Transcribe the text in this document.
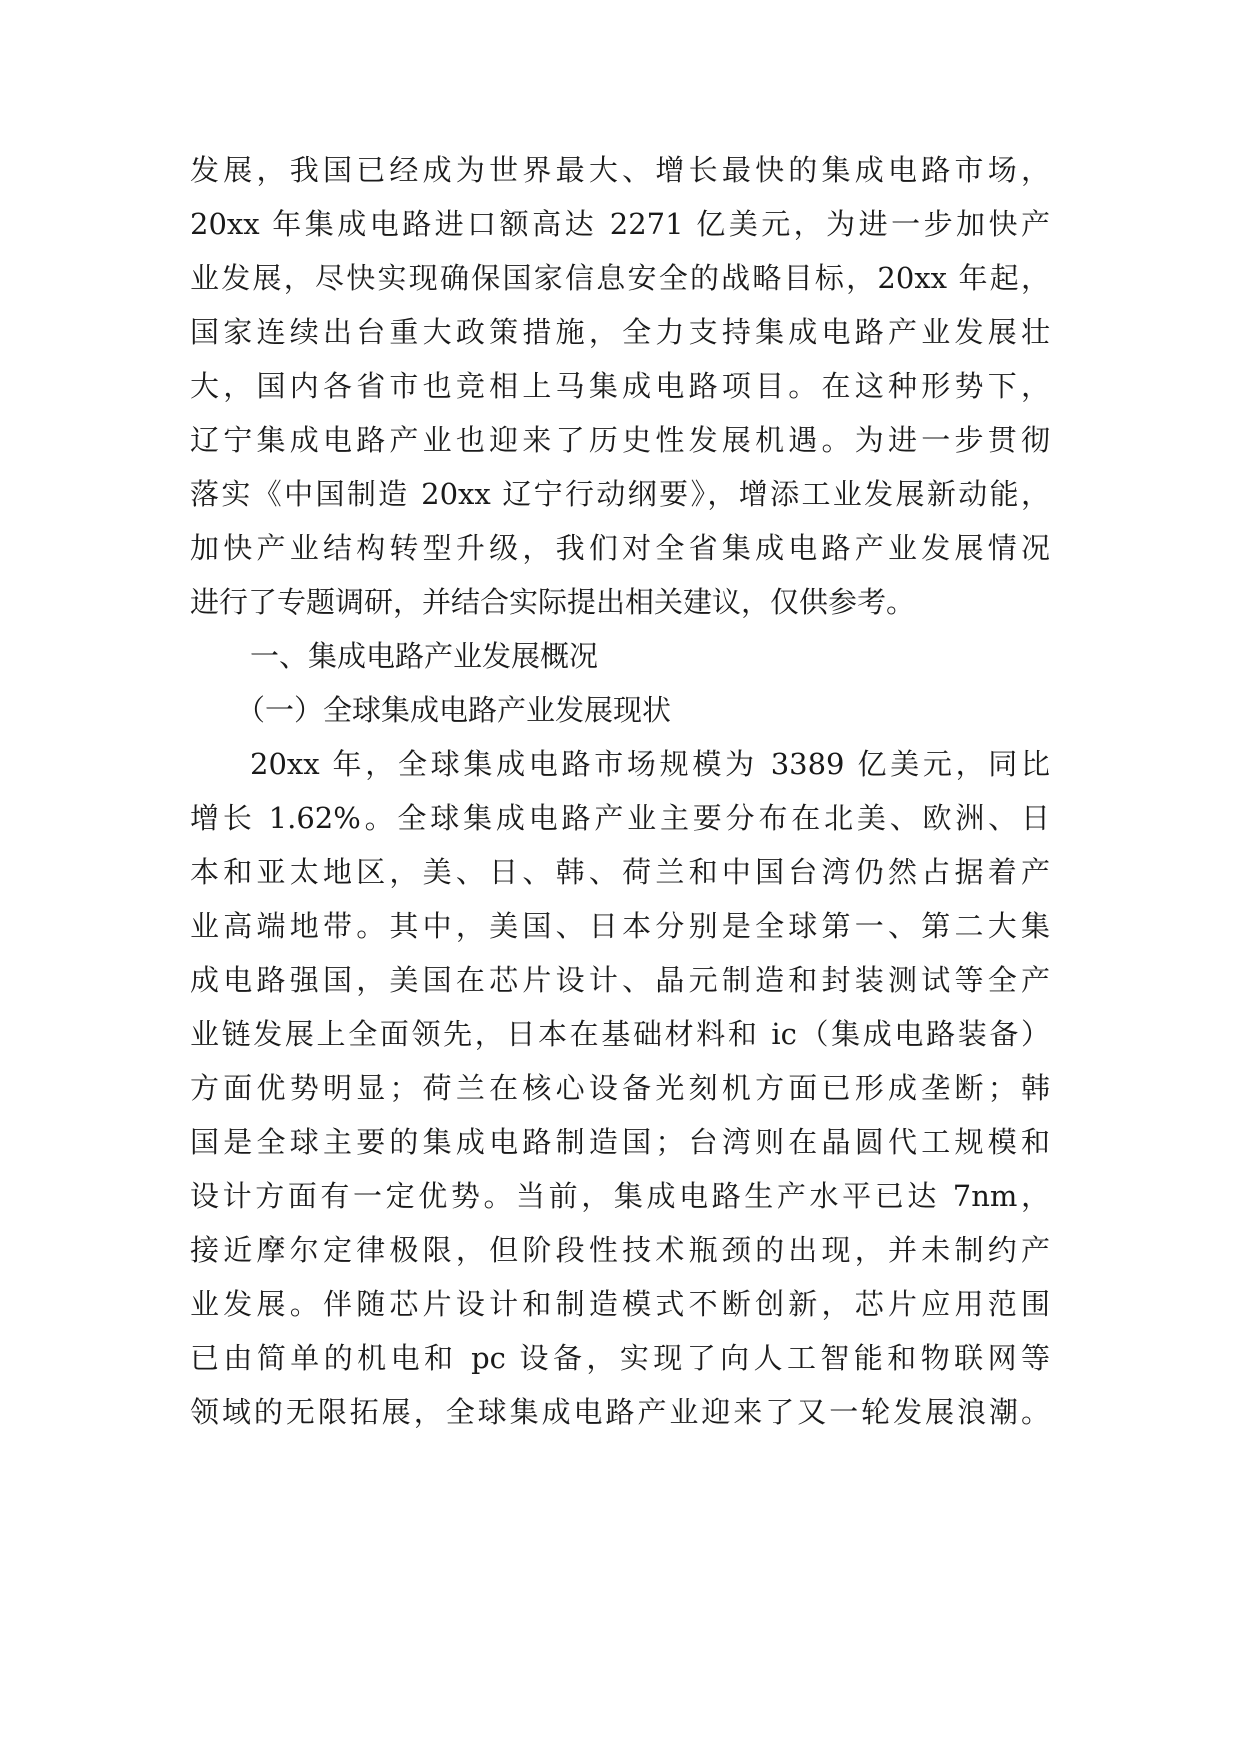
发展，我国已经成为世界最大、增长最快的集成电路市场，
20xx 年集成电路进口额高达 2271 亿美元，为进一步加快产
业发展，尽快实现确保国家信息安全的战略目标，20xx 年起，
国家连续出台重大政策措施，全力支持集成电路产业发展壮
大，国内各省市也竞相上马集成电路项目。在这种形势下，
辽宁集成电路产业也迎来了历史性发展机遇。为进一步贯彻
落实《中国制造 20xx 辽宁行动纲要》，增添工业发展新动能，
加快产业结构转型升级，我们对全省集成电路产业发展情况
进行了专题调研，并结合实际提出相关建议，仅供参考。
一、集成电路产业发展概况
（一）全球集成电路产业发展现状
20xx 年，全球集成电路市场规模为 3389 亿美元，同比
增长 1.62%。全球集成电路产业主要分布在北美、欧洲、日
本和亚太地区，美、日、韩、荷兰和中国台湾仍然占据着产
业高端地带。其中，美国、日本分别是全球第一、第二大集
成电路强国，美国在芯片设计、晶元制造和封装测试等全产
业链发展上全面领先，日本在基础材料和 ic（集成电路装备）
方面优势明显；荷兰在核心设备光刻机方面已形成垄断；韩
国是全球主要的集成电路制造国；台湾则在晶圆代工规模和
设计方面有一定优势。当前，集成电路生产水平已达 7nm，
接近摩尔定律极限，但阶段性技术瓶颈的出现，并未制约产
业发展。伴随芯片设计和制造模式不断创新，芯片应用范围
已由简单的机电和 pc 设备，实现了向人工智能和物联网等
领域的无限拓展，全球集成电路产业迎来了又一轮发展浪潮。
